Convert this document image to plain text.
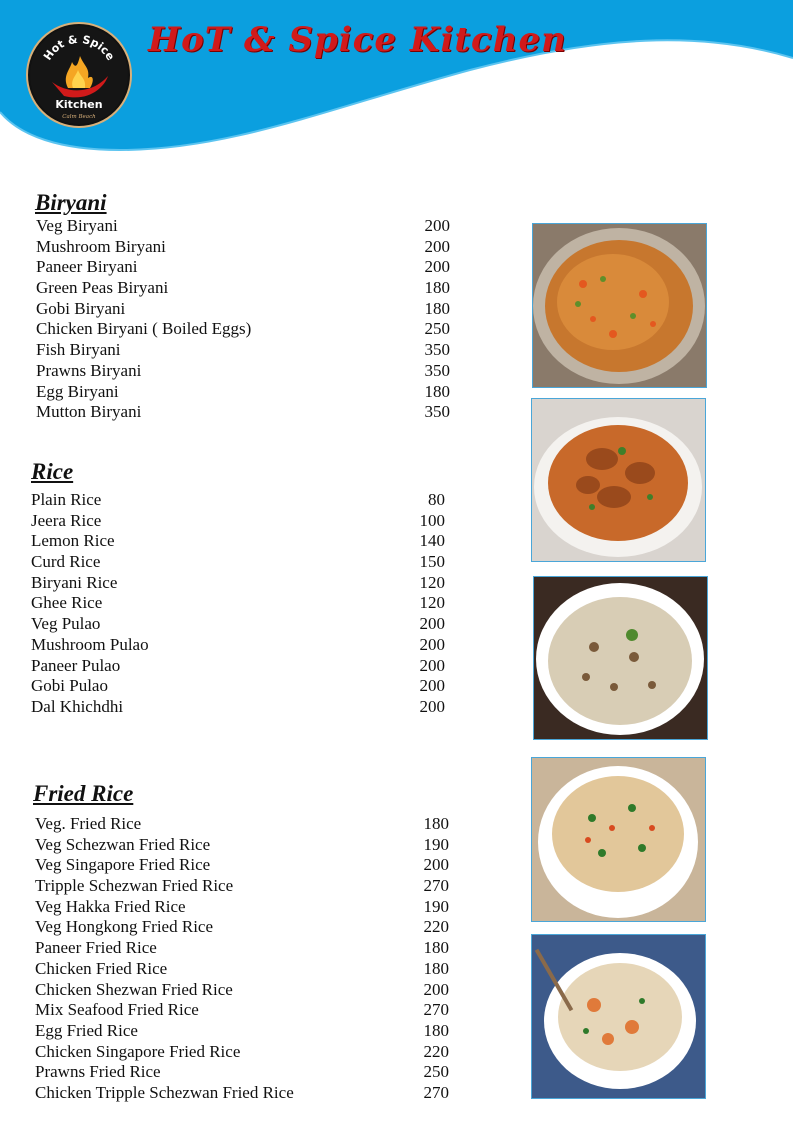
Hot & Spice
Kitchen
Calm Beach
HoT & Spice Kitchen
Biryani
Veg Biryani	200
Mushroom Biryani	200
Paneer Biryani	200
Green Peas Biryani	180
Gobi Biryani	180
Chicken Biryani ( Boiled Eggs)	250
Fish Biryani	350
Prawns Biryani	350
Egg Biryani	180
Mutton Biryani	350
Rice
Plain Rice	80
Jeera Rice	100
Lemon Rice	140
Curd Rice	150
Biryani Rice	120
Ghee Rice	120
Veg Pulao	200
Mushroom Pulao	200
Paneer Pulao	200
Gobi Pulao	200
Dal Khichdhi	200
Fried Rice
Veg. Fried Rice	180
Veg Schezwan Fried Rice	190
Veg Singapore Fried Rice	200
Tripple Schezwan Fried Rice	270
Veg Hakka Fried Rice	190
Veg Hongkong Fried Rice	220
Paneer Fried Rice	180
Chicken Fried Rice	180
Chicken Shezwan Fried Rice	200
Mix Seafood Fried Rice	270
Egg Fried Rice	180
Chicken Singapore Fried Rice	220
Prawns Fried Rice	250
Chicken Tripple Schezwan Fried Rice	270
